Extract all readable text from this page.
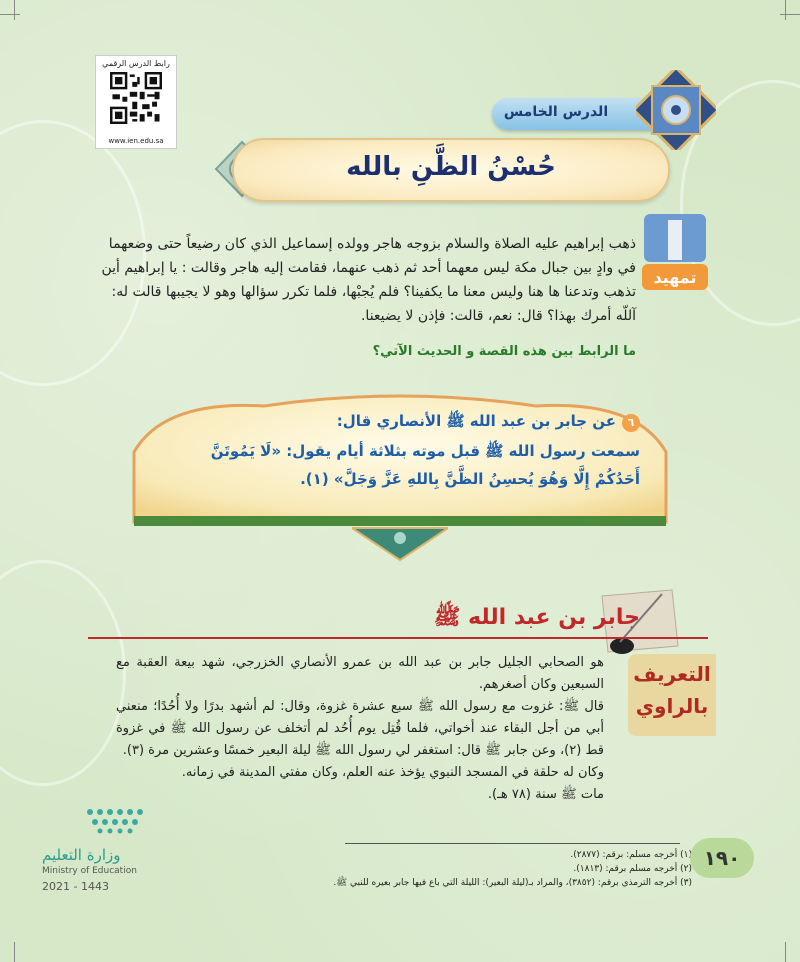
رابط الدرس الرقمي
www.ien.edu.sa
الدرس الخامس
حُسْنُ الظَّنِ بالله
تمهيد

ذهب إبراهيم عليه الصلاة والسلام بزوجه هاجر وولده إسماعيل الذي كان رضيعاً حتى وضعهما

في وادٍ بين جبال مكة ليس معهما أحد ثم ذهب عنهما، فقامت إليه هاجر وقالت : يا إبراهيم أين

تذهب وتدعنا ها هنا وليس معنا ما يكفينا؟ فلم يُجبْها، فلما تكرر سؤالها وهو لا يجيبها قالت له:

آللّه أمرك بهذا؟ قال: نعم، قالت: فإذن لا يضيعنا.

ما الرابط بين هذه القصة و الحديث الآتي؟
٦عن جابر بن عبد الله ﷺ الأنصاري قال:
سمعت رسول الله ﷺ قبل موته بثلاثة أيام يقول: «لَا يَمُوتَنَّ
أَحَدُكُمْ إِلَّا وَهُوَ يُحسِنُ الظَّنَّ بِاللهِ عَزَّ وَجَلَّ» (١).
جابر بن عبد الله ﷺ
التعريف
بالراوي

هو الصحابي الجليل جابر بن عبد الله بن عمرو الأنصاري الخزرجي، شهد بيعة العقبة مع السبعين وكان أصغرهم.

قال ﷺ: غزوت مع رسول الله ﷺ سبع عشرة غزوة، وقال: لم أشهد بدرًا ولا أُحُدًا؛ منعني أبي من أجل البقاء عند أخواتي، فلما قُتِل يوم أُحُد لم أتخلف عن رسول الله ﷺ في غزوة قط (٢)، وعن جابر ﷺ قال: استغفر لي رسول الله ﷺ ليلة البعير خمسًا وعشرين مرة (٣).

وكان له حلقة في المسجد النبوي يؤخذ عنه العلم، وكان مفتي المدينة في زمانه.

مات ﷺ سنة (٧٨ هـ).

وزارة التعليم
Ministry of Education
2021 - 1443

١) أخرجه مسلم: برقم: (٢٨٧٧).

(٢) أخرجه مسلم برقم: (١٨١٣).

(٣) أخرجه الترمذي برقم: (٣٨٥٢)، والمراد بـ(ليلة البعير): الليلة التي باع فيها جابر بعيره للنبي ﷺ.

١٩٠
